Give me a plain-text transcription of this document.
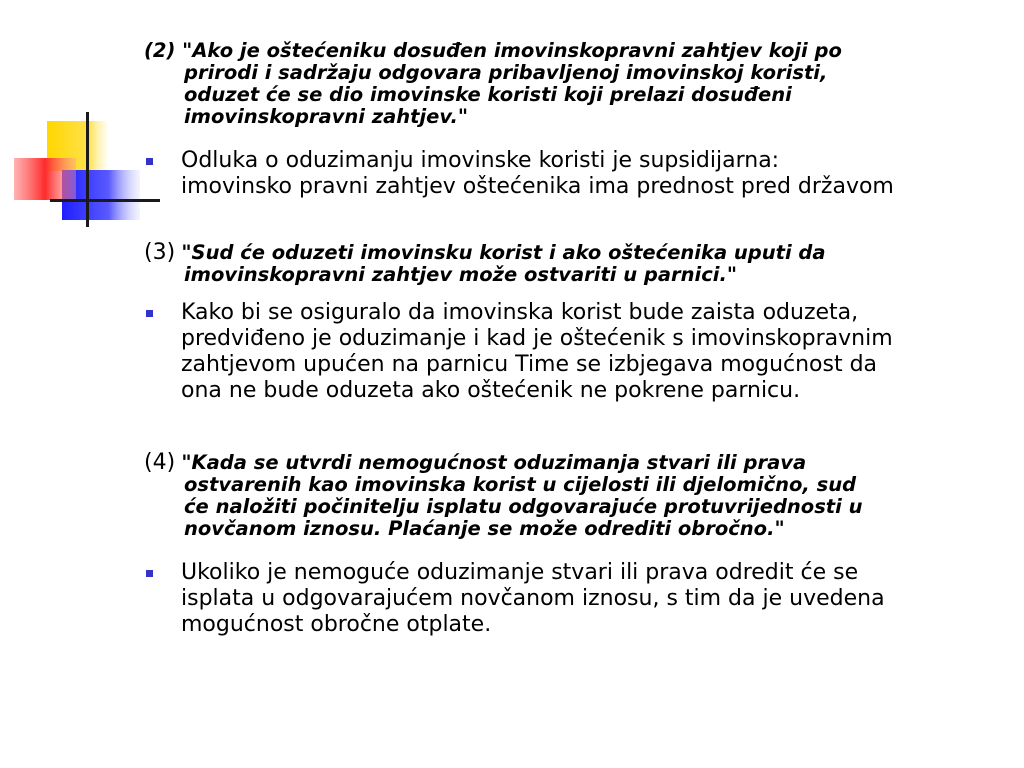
(2) "Ako je oštećeniku dosuđen imovinskopravni zahtjev koji po
prirodi i sadržaju odgovara pribavljenoj imovinskoj koristi,
oduzet će se dio imovinske koristi koji prelazi dosuđeni
imovinskopravni zahtjev."
Odluka o oduzimanju imovinske koristi je supsidijarna:
imovinsko pravni zahtjev oštećenika ima prednost pred državom
(3) "Sud će oduzeti imovinsku korist i ako oštećenika uputi da
imovinskopravni zahtjev može ostvariti u parnici."
Kako bi se osiguralo da imovinska korist bude zaista oduzeta,
predviđeno je oduzimanje i kad je oštećenik s imovinskopravnim
zahtjevom upućen na parnicu Time se izbjegava mogućnost da
ona ne bude oduzeta ako oštećenik ne pokrene parnicu.
(4) "Kada se utvrdi nemogućnost oduzimanja stvari ili prava
ostvarenih kao imovinska korist u cijelosti ili djelomično, sud
će naložiti počinitelju isplatu odgovarajuće protuvrijednosti u
novčanom iznosu. Plaćanje se može odrediti obročno."
Ukoliko je nemoguće oduzimanje stvari ili prava odredit će se
isplata u odgovarajućem novčanom iznosu, s tim da je uvedena
mogućnost obročne otplate.
